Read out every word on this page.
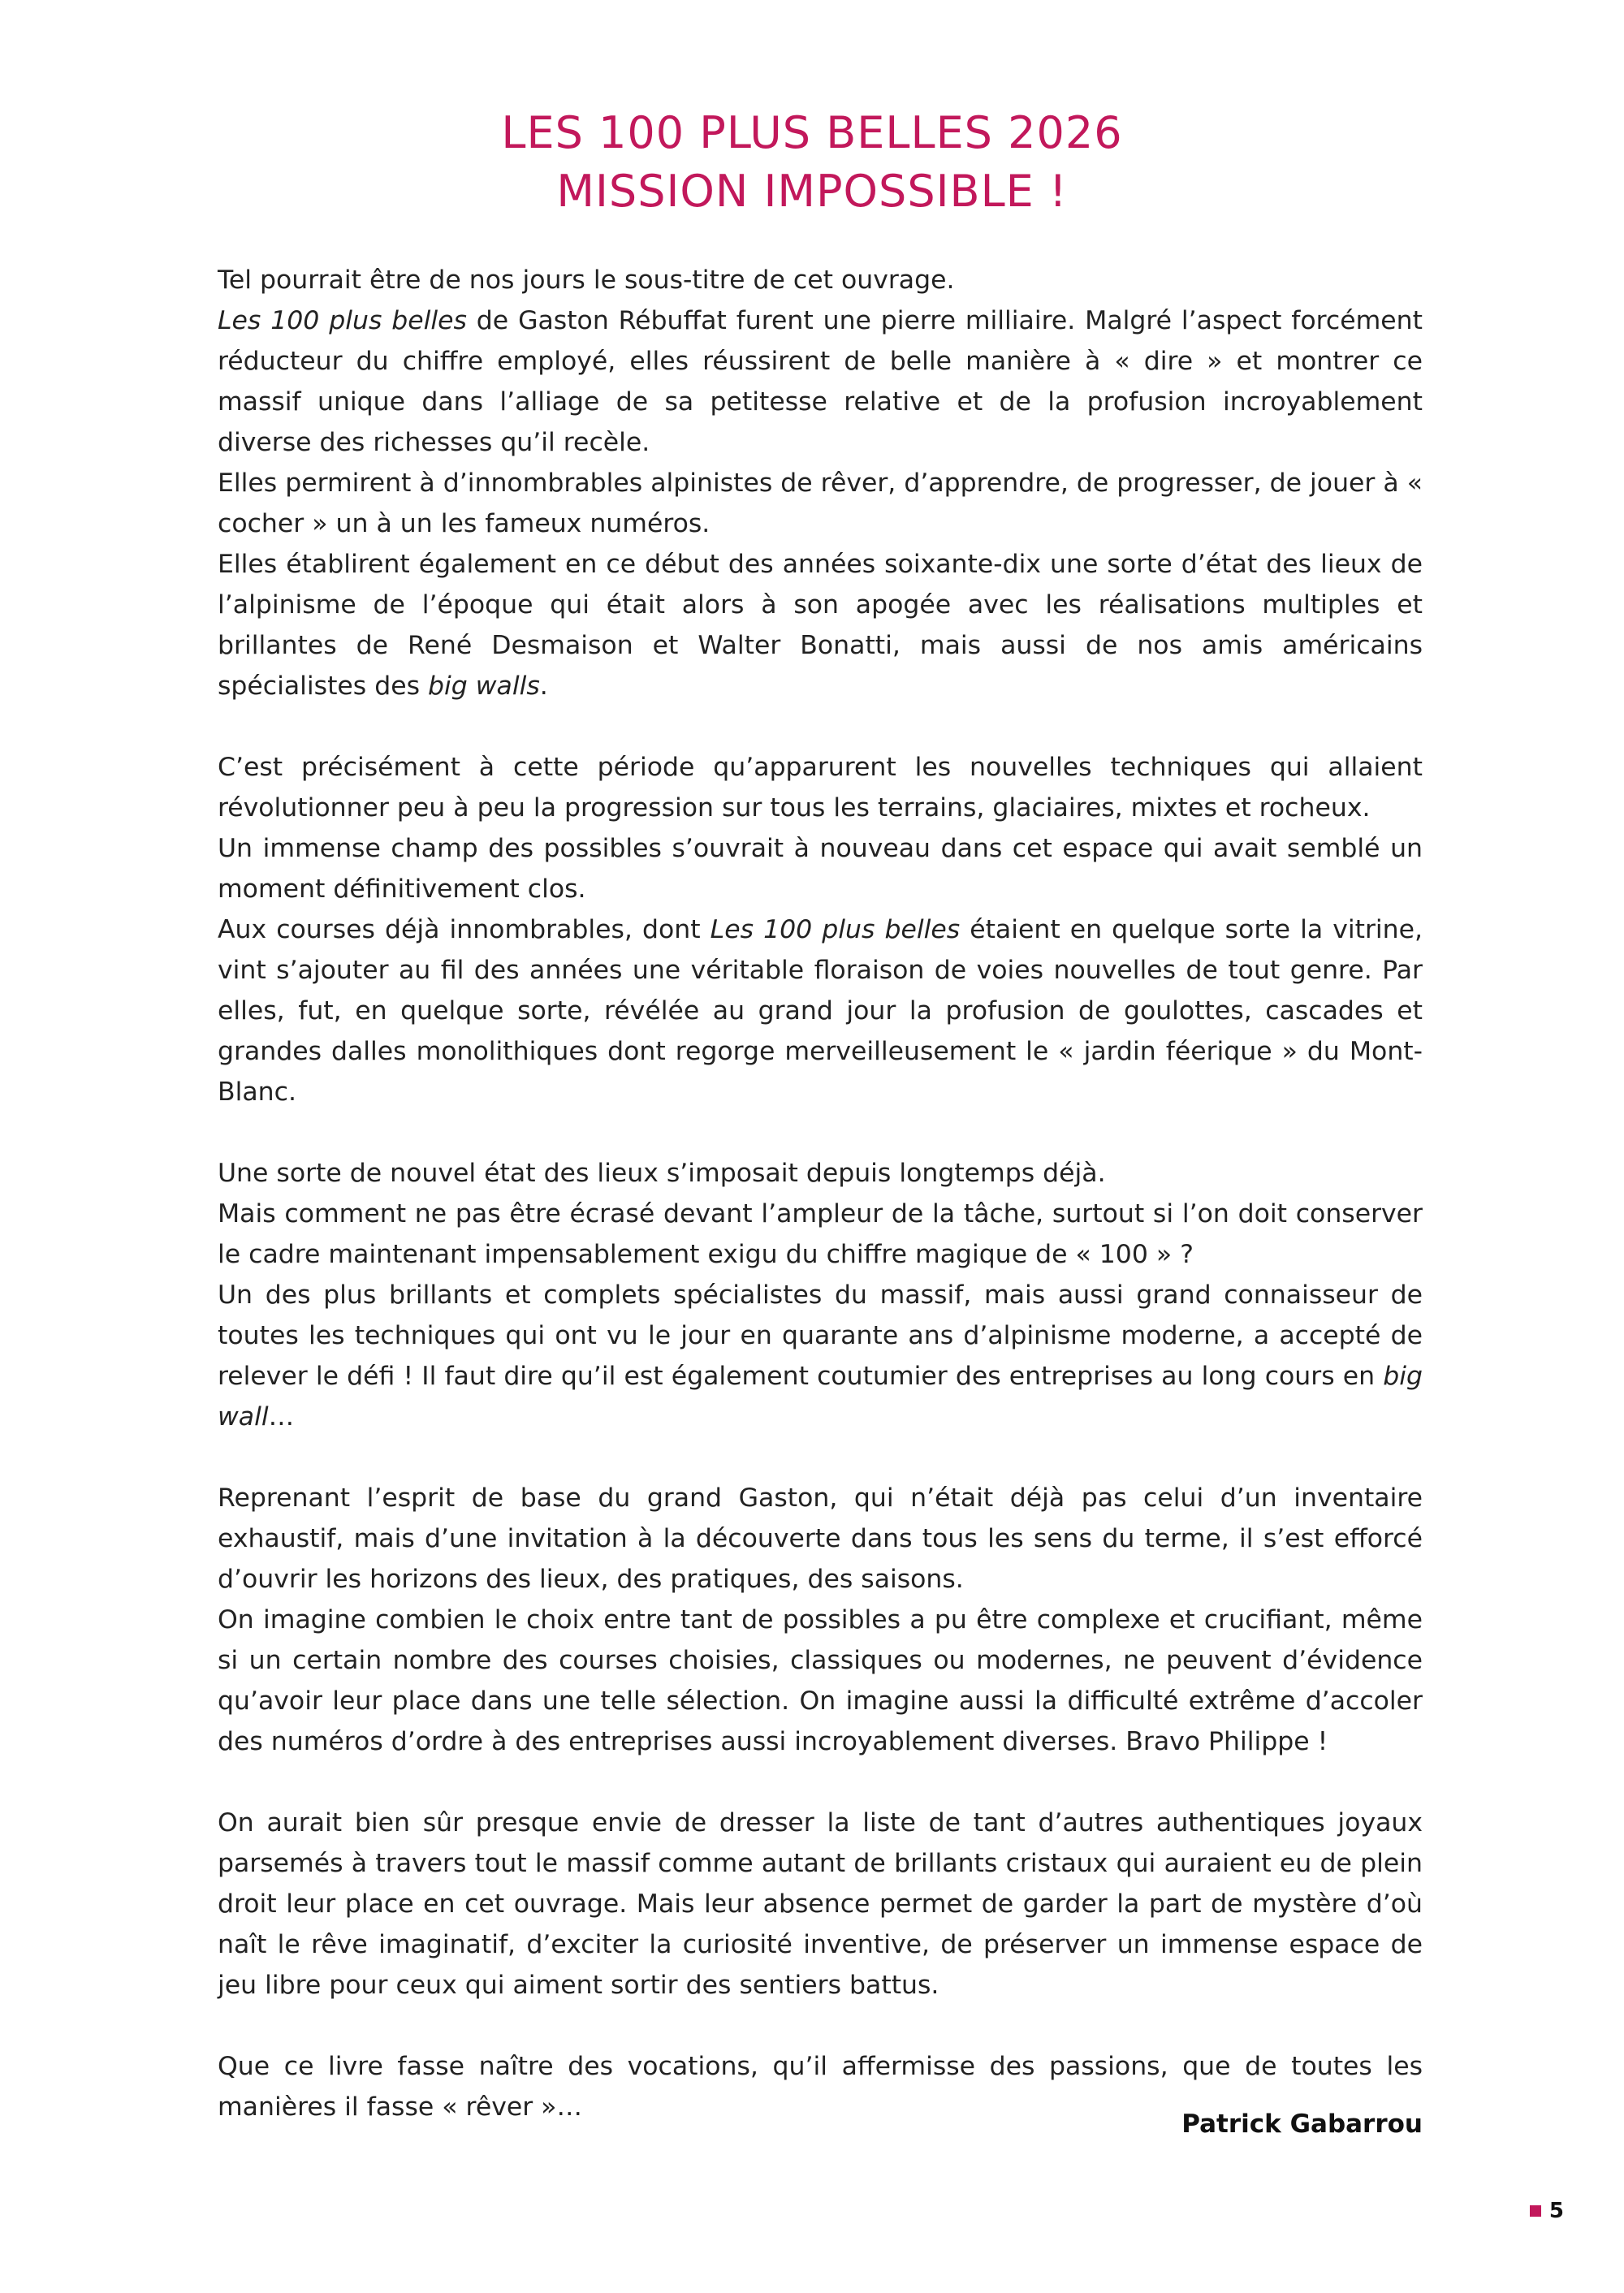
LES 100 PLUS BELLES 2026
MISSION IMPOSSIBLE !

Tel pourrait être de nos jours le sous-titre de cet ouvrage.
Les 100 plus belles de Gaston Rébuffat furent une pierre milliaire. Malgré l’aspect forcément réducteur du chiffre employé, elles réussirent de belle manière à « dire » et montrer ce massif unique dans l’alliage de sa petitesse relative et de la profusion incroyablement diverse des richesses qu’il recèle.
Elles permirent à d’innombrables alpinistes de rêver, d’apprendre, de progresser, de jouer à « cocher » un à un les fameux numéros.
Elles établirent également en ce début des années soixante-dix une sorte d’état des lieux de l’alpinisme de l’époque qui était alors à son apogée avec les réalisations multiples et brillantes de René Desmaison et Walter Bonatti, mais aussi de nos amis américains spécialistes des big walls.

C’est précisément à cette période qu’apparurent les nouvelles techniques qui allaient révolutionner peu à peu la progression sur tous les terrains, glaciaires, mixtes et rocheux.
Un immense champ des possibles s’ouvrait à nouveau dans cet espace qui avait semblé un moment définitivement clos.
Aux courses déjà innombrables, dont Les 100 plus belles étaient en quelque sorte la vitrine, vint s’ajouter au fil des années une véritable floraison de voies nouvelles de tout genre. Par elles, fut, en quelque sorte, révélée au grand jour la profusion de goulottes, cascades et grandes dalles monolithiques dont regorge merveilleusement le « jardin féerique » du Mont-Blanc.

Une sorte de nouvel état des lieux s’imposait depuis longtemps déjà.
Mais comment ne pas être écrasé devant l’ampleur de la tâche, surtout si l’on doit conserver le cadre maintenant impensablement exigu du chiffre magique de « 100 » ?
Un des plus brillants et complets spécialistes du massif, mais aussi grand connaisseur de toutes les techniques qui ont vu le jour en quarante ans d’alpinisme moderne, a accepté de relever le défi ! Il faut dire qu’il est également coutumier des entreprises au long cours en big wall…

Reprenant l’esprit de base du grand Gaston, qui n’était déjà pas celui d’un inventaire exhaustif, mais d’une invitation à la découverte dans tous les sens du terme, il s’est efforcé d’ouvrir les horizons des lieux, des pratiques, des saisons.
On imagine combien le choix entre tant de possibles a pu être complexe et crucifiant, même si un certain nombre des courses choisies, classiques ou modernes, ne peuvent d’évidence qu’avoir leur place dans une telle sélection. On imagine aussi la difficulté extrême d’accoler des numéros d’ordre à des entreprises aussi incroyablement diverses. Bravo Philippe !

On aurait bien sûr presque envie de dresser la liste de tant d’autres authentiques joyaux parsemés à travers tout le massif comme autant de brillants cristaux qui auraient eu de plein droit leur place en cet ouvrage. Mais leur absence permet de garder la part de mystère d’où naît le rêve imaginatif, d’exciter la curiosité inventive, de préserver un immense espace de jeu libre pour ceux qui aiment sortir des sentiers battus.

Que ce livre fasse naître des vocations, qu’il affermisse des passions, que de toutes les manières il fasse « rêver »…

Patrick Gabarrou
5
